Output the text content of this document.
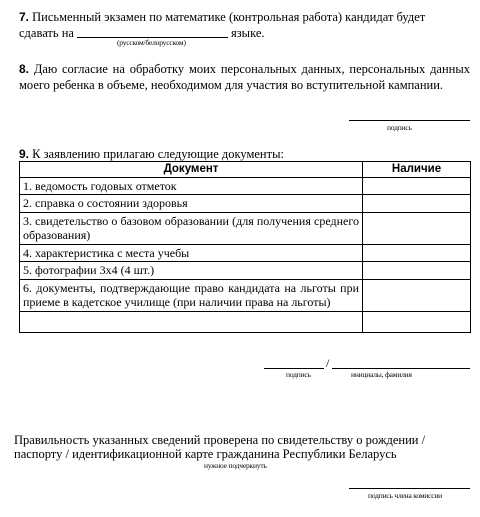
7. Письменный экзамен по математике (контрольная работа) кандидат будет
сдавать на	языке.
(русском/белорусском)
8. Даю согласие на обработку моих персональных данных, персональных данных моего ребенка в объеме, необходимом для участия во вступительной кампании.
подпись
9. К заявлению прилагаю следующие документы:
Документ	Наличие
1. ведомость годовых отметок	
2. справка о состоянии здоровья	
3. свидетельство о базовом образовании (для получения среднего образования)	
4. характеристика с места учебы	
5. фотографии 3х4 (4 шт.)	
6. документы, подтверждающие право кандидата на льготы при приеме в кадетское училище (при наличии права на льготы)	

/
подпись	инициалы, фамилия
Правильность указанных сведений проверена по свидетельству о рождении /
паспорту / идентификационной карте гражданина Республики Беларусь
нужное подчеркнуть
подпись члена комиссии
